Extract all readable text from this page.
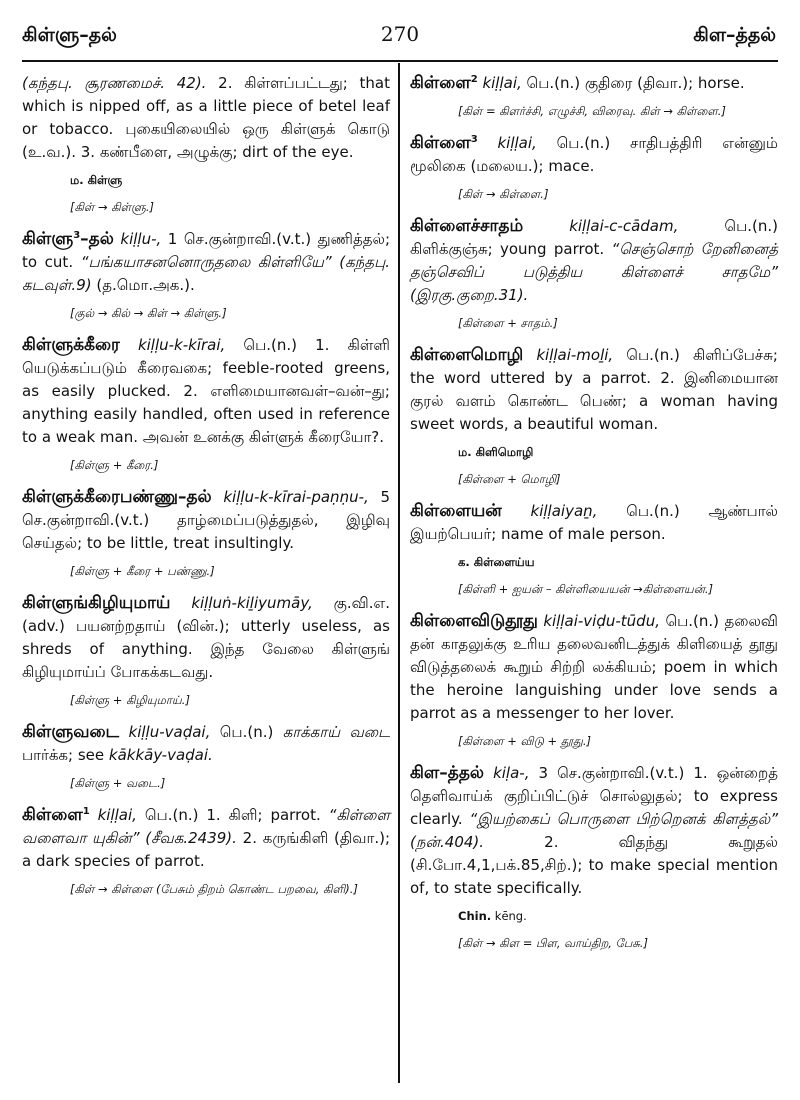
கிள்ளு–தல்	270	கிள–த்தல்
(கந்தபு. சூரணமைச். 42). 2. கிள்ளப்பட்டது; that which is nipped off, as a little piece of betel leaf or tobacco. புகையிலையில் ஒரு கிள்ளுக் கொடு (உ.வ.). 3. கண்பீளை, அழுக்கு; dirt of the eye.
ம. கிள்ளு
[கிள் → கிள்ளு.]
கிள்ளு$^3$–தல் kiḷḷu-, 1 செ.குன்றாவி.(v.t.) துணித்தல்; to cut. “பங்கயாசனனொருதலை கிள்ளியே” (கந்தபு. கடவுள்.9) (த.மொ.அக.).
[குல் → கில் → கிள் → கிள்ளு.]
கிள்ளுக்கீரை kiḷḷu-k-kīrai, பெ.(n.) 1. கிள்ளி யெடுக்கப்படும் கீரைவகை; feeble-rooted greens, as easily plucked. 2. எளிமையானவள்–வன்–து; anything easily handled, often used in reference to a weak man. அவன் உனக்கு கிள்ளுக் கீரையோ?.
[கிள்ளு + கீரை.]
கிள்ளுக்கீரைபண்ணு–தல் kiḷḷu-k-kīrai-paṇṇu-, 5 செ.குன்றாவி.(v.t.) தாழ்மைப்படுத்துதல், இழிவு செய்தல்; to be little, treat insultingly.
[கிள்ளு + கீரை + பண்ணு.]
கிள்ளுங்கிழியுமாய் kiḷḷuṅ-kiḻiyumāy, கு.வி.எ. (adv.) பயனற்றதாய் (வின்.); utterly useless, as shreds of anything. இந்த வேலை கிள்ளுங் கிழியுமாய்ப் போகக்கடவது.
[கிள்ளு + கிழியுமாய்.]
கிள்ளுவடை kiḷḷu-vaḍai, பெ.(n.) காக்காய் வடை பார்க்க; see kākkāy-vaḍai.
[கிள்ளு + வடை.]
கிள்ளை$^1$ kiḷḷai, பெ.(n.) 1. கிளி; parrot. “கிள்ளை வளைவா யுகின்” (சீவக.2439). 2. கருங்கிளி (திவா.); a dark species of parrot.
[கிள் → கிள்ளை (பேசும் திறம் கொண்ட பறவை, கிளி).]
கிள்ளை$^2$ kiḷḷai, பெ.(n.) குதிரை (திவா.); horse.
[கிள் = கிளர்ச்சி, எழுச்சி, விரைவு. கிள் → கிள்ளை.]
கிள்ளை$^3$ kiḷḷai, பெ.(n.) சாதிபத்திரி என்னும் மூலிகை (மலைய.); mace.
[கிள் → கிள்ளை.]
கிள்ளைச்சாதம்	kiḷḷai-c-cādam, பெ.(n.) கிளிக்குஞ்சு; young parrot. “செஞ்சொற் றேனினைத் தஞ்செவிப் படுத்திய கிள்ளைச் சாதமே” (இரகு.குறை.31).
[கிள்ளை + சாதம்.]
கிள்ளைமொழி kiḷḷai-moḻi, பெ.(n.) கிளிப்பேச்சு; the word uttered by a parrot. 2. இனிமையான குரல் வளம் கொண்ட பெண்; a woman having sweet words, a beautiful woman.
ம. கிளிமொழி
[கிள்ளை + மொழி]
கிள்ளையன் kiḷḷaiyaṉ, பெ.(n.) ஆண்பால் இயற்பெயர்; name of male person.
க. கிள்ளைய்ய
[கிள்ளி + ஐயன் – கிள்ளியையன் →கிள்ளையன்.]
கிள்ளைவிடுதூது kiḷḷai-viḍu-tūdu, பெ.(n.) தலைவி தன் காதலுக்கு உரிய தலைவனிடத்துக் கிளியைத் தூது விடுத்தலைக் கூறும் சிற்றி லக்கியம்; poem in which the heroine languishing under love sends a parrot as a messenger to her lover.
[கிள்ளை + விடு + தூது.]
கிள–த்தல் kiḷa-, 3 செ.குன்றாவி.(v.t.) 1. ஒன்றைத் தெளிவாய்க் குறிப்பிட்டுச் சொல்லுதல்; to express clearly. “இயற்கைப் பொருளை பிற்றெனக் கிளத்தல்” (நன்.404). 2. விதந்து கூறுதல் (சி.போ.4,1,பக்.85,சிற்.); to make special mention of, to state specifically.
Chin. kēng.
[கிள் → கிள = பிள, வாய்திற, பேசு.]
